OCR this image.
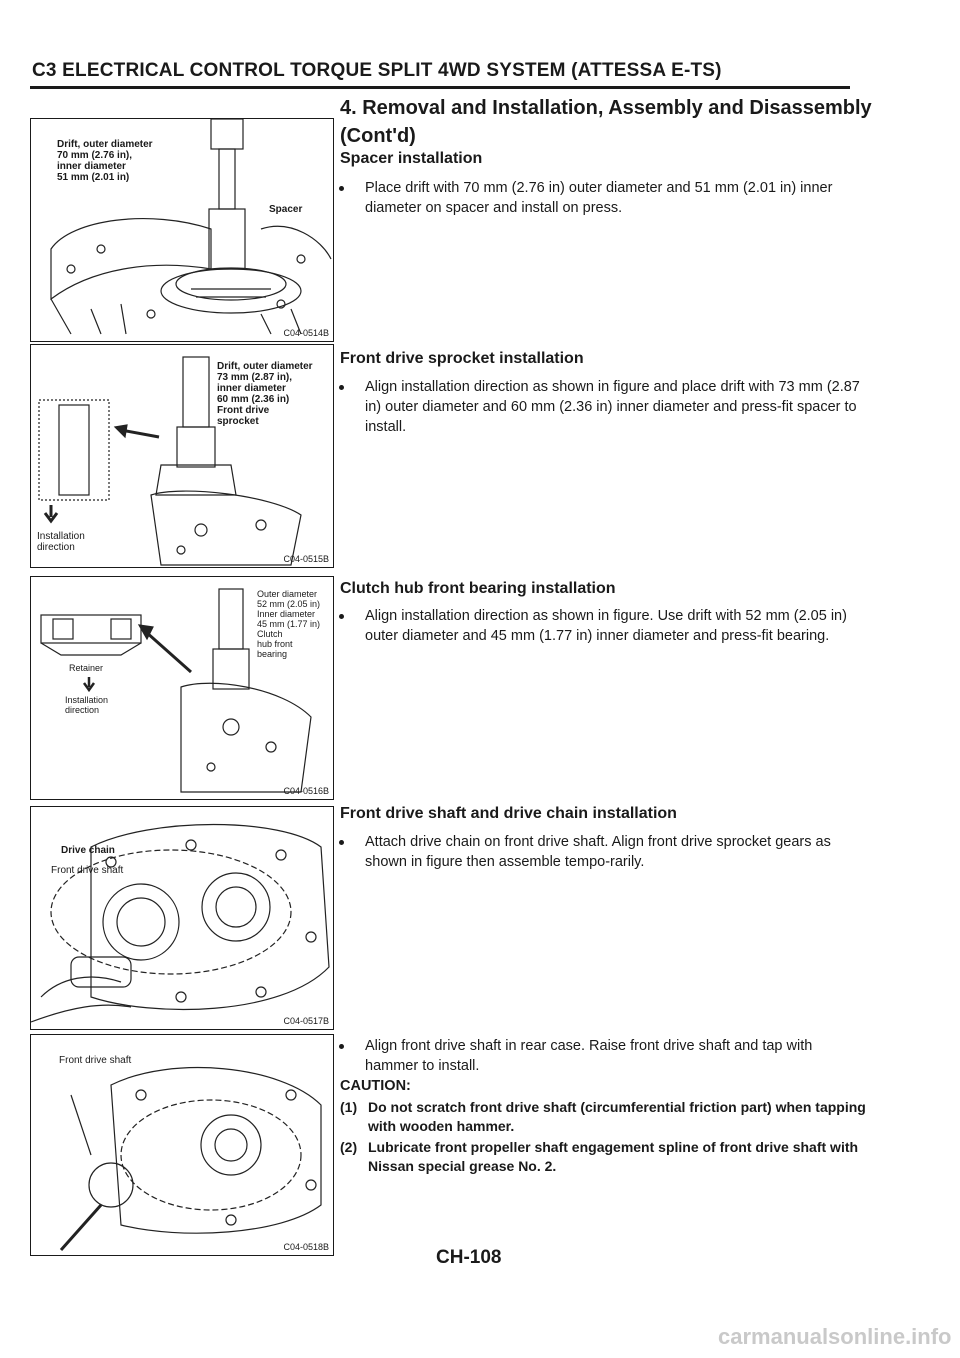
C3 ELECTRICAL CONTROL TORQUE SPLIT 4WD SYSTEM (ATTESSA E-TS)
4. Removal and Installation, Assembly and Disassembly (Cont'd)
Spacer installation

Place drift with 70 mm (2.76 in) outer diameter and 51 mm (2.01 in) inner diameter on spacer and install on press.

Front drive sprocket installation

Align installation direction as shown in figure and place drift with 73 mm (2.87 in) outer diameter and 60 mm (2.36 in) inner diameter and press-fit spacer to install.

Clutch hub front bearing installation

Align installation direction as shown in figure. Use drift with 52 mm (2.05 in) outer diameter and 45 mm (1.77 in) inner diameter and press-fit bearing.

Front drive shaft and drive chain installation

Attach drive chain on front drive shaft. Align front drive sprocket gears as shown in figure then assemble tempo-rarily.

Align front drive shaft in rear case. Raise front drive shaft and tap with hammer to install.

CAUTION:
(1) Do not scratch front drive shaft (circumferential friction part) when tapping with wooden hammer.
(2) Lubricate front propeller shaft engagement spline of front drive shaft with Nissan special grease No. 2.
Drift, outer diameter
70 mm (2.76 in),
inner diameter
51 mm (2.01 in)
Spacer
C04-0514B
Drift, outer diameter
73 mm (2.87 in),
inner diameter
60 mm (2.36 in)
Front drive
sprocket
Installation
direction
C04-0515B
Outer diameter
52 mm (2.05 in)
Inner diameter
45 mm (1.77 in)
Clutch
hub front
bearing
Retainer
Installation
direction
C04-0516B
Drive chain
Front drive shaft
C04-0517B
Front drive shaft
C04-0518B	CH-108
carmanualsonline.info
